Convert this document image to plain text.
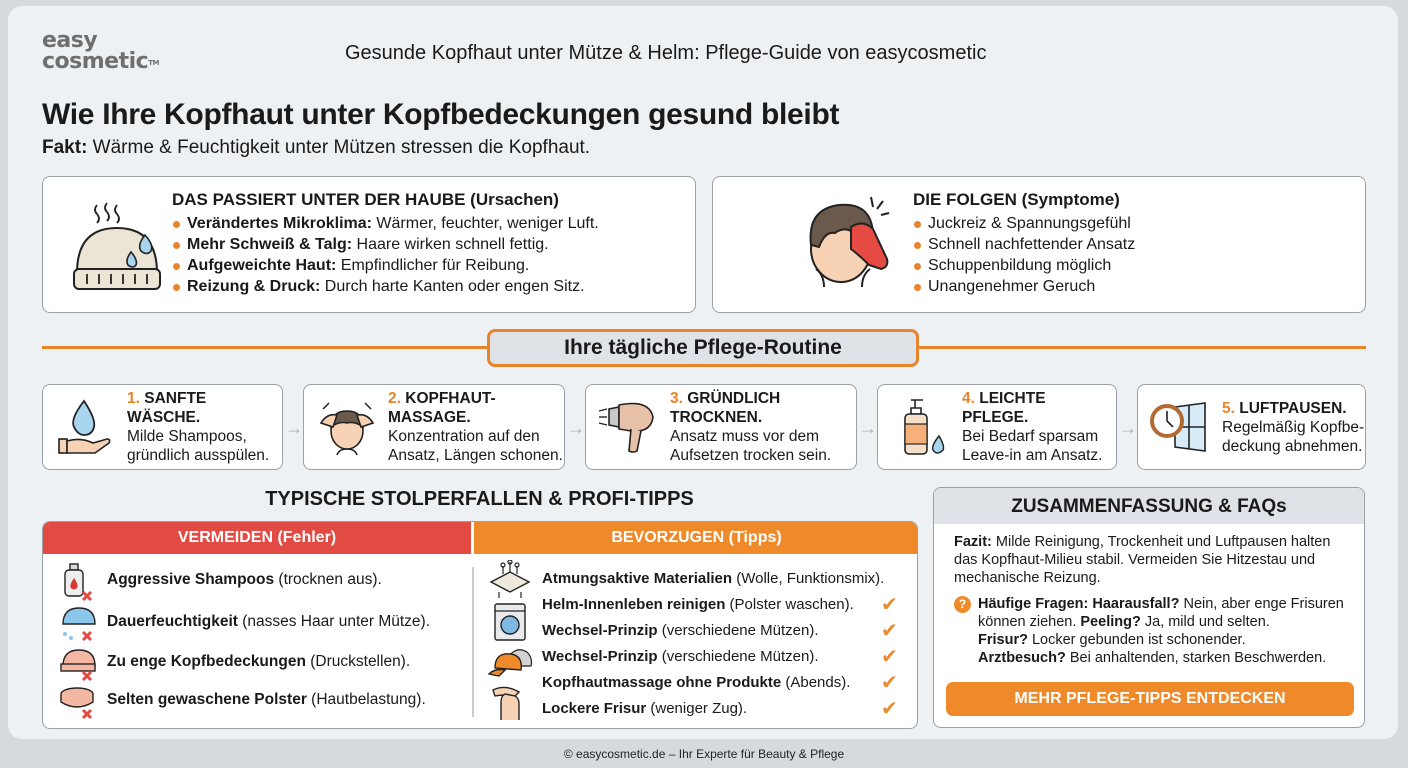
easy
cosmetic™	Gesunde Kopfhaut unter Mütze & Helm: Pflege-Guide von easycosmetic
Wie Ihre Kopfhaut unter Kopfbedeckungen gesund bleibt
Fakt: Wärme & Feuchtigkeit unter Mützen stressen die Kopfhaut.
DAS PASSIERT UNTER DER HAUBE (Ursachen)
Verändertes Mikroklima: Wärmer, feuchter, weniger Luft.
Mehr Schweiß & Talg: Haare wirken schnell fettig.
Aufgeweichte Haut: Empfindlicher für Reibung.
Reizung & Druck: Durch harte Kanten oder engen Sitz.
DIE FOLGEN (Symptome)
Juckreiz & Spannungsgefühl
Schnell nachfettender Ansatz
Schuppenbildung möglich
Unangenehmer Geruch
Ihre tägliche Pflege-Routine
1. SANFTE WÄSCHE.
Milde Shampoos,
gründlich ausspülen.
→
2. KOPFHAUT-MASSAGE.
Konzentration auf den
Ansatz, Längen schonen.
→
3. GRÜNDLICH TROCKNEN.
Ansatz muss vor dem
Aufsetzen trocken sein.
→
4. LEICHTE PFLEGE.
Bei Bedarf sparsam
Leave-in am Ansatz.
→
5. LUFTPAUSEN.
Regelmäßig Kopfbe-
deckung abnehmen.
TYPISCHE STOLPERFALLEN & PROFI-TIPPS
VERMEIDEN (Fehler)	BEVORZUGEN (Tipps)
Aggressive Shampoos (trocknen aus).
Dauerfeuchtigkeit (nasses Haar unter Mütze).
Zu enge Kopfbedeckungen (Druckstellen).
Selten gewaschene Polster (Hautbelastung).
Atmungsaktive Materialien (Wolle, Funktionsmix).
Helm-Innenleben reinigen (Polster waschen).
Wechsel-Prinzip (verschiedene Mützen).
Wechsel-Prinzip (verschiedene Mützen).
Kopfhautmassage ohne Produkte (Abends).
Lockere Frisur (weniger Zug).
✔
✔
✔
✔
✔
ZUSAMMENFASSUNG & FAQs
Fazit: Milde Reinigung, Trockenheit und Luftpausen halten das Kopfhaut-Milieu stabil. Vermeiden Sie Hitzestau und mechanische Reizung.
? Häufige Fragen: Haarausfall? Nein, aber enge Frisuren können ziehen. Peeling? Ja, mild und selten.
Frisur? Locker gebunden ist schonender.
Arztbesuch? Bei anhaltenden, starken Beschwerden.
MEHR PFLEGE-TIPPS ENTDECKEN
© easycosmetic.de – Ihr Experte für Beauty & Pflege
